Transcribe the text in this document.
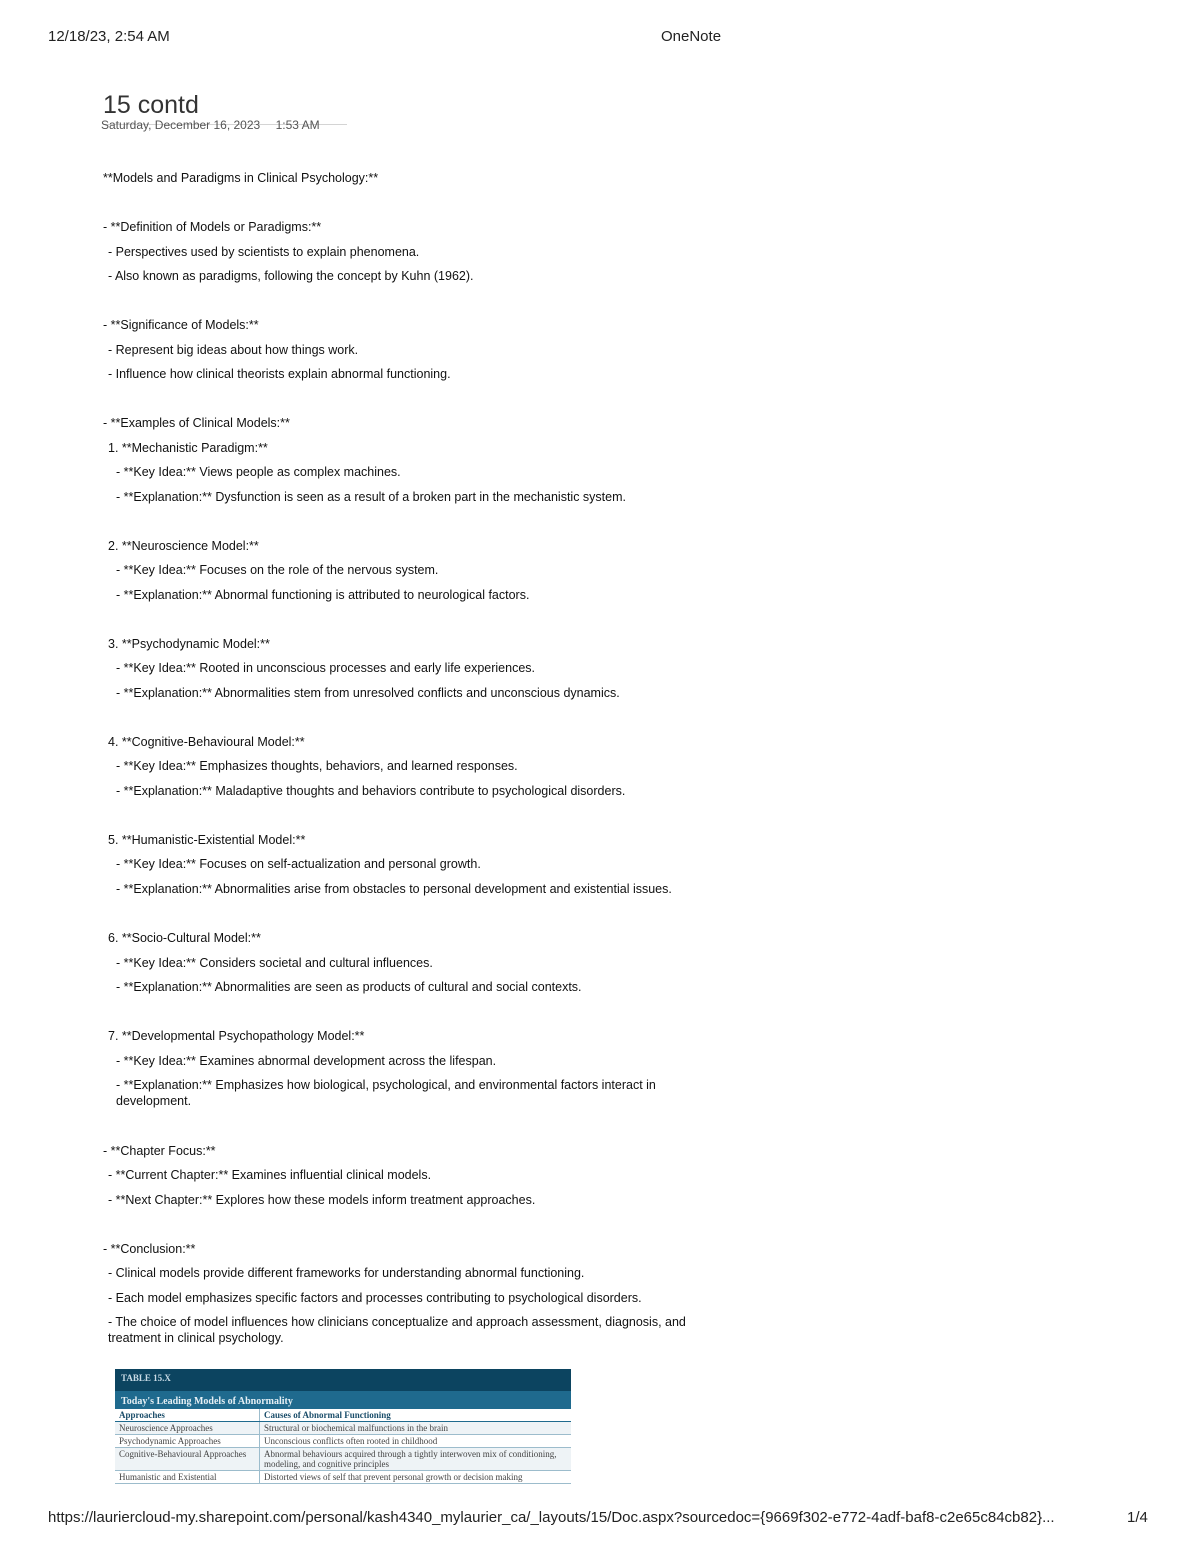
12/18/23, 2:54 AM	OneNote
15 contd
Saturday, December 16, 2023 1:53 AM
**Models and Paradigms in Clinical Psychology:**
- **Definition of Models or Paradigms:**
- Perspectives used by scientists to explain phenomena.
- Also known as paradigms, following the concept by Kuhn (1962).
- **Significance of Models:**
- Represent big ideas about how things work.
- Influence how clinical theorists explain abnormal functioning.
- **Examples of Clinical Models:**
1. **Mechanistic Paradigm:**
- **Key Idea:** Views people as complex machines.
- **Explanation:** Dysfunction is seen as a result of a broken part in the mechanistic system.
2. **Neuroscience Model:**
- **Key Idea:** Focuses on the role of the nervous system.
- **Explanation:** Abnormal functioning is attributed to neurological factors.
3. **Psychodynamic Model:**
- **Key Idea:** Rooted in unconscious processes and early life experiences.
- **Explanation:** Abnormalities stem from unresolved conflicts and unconscious dynamics.
4. **Cognitive-Behavioural Model:**
- **Key Idea:** Emphasizes thoughts, behaviors, and learned responses.
- **Explanation:** Maladaptive thoughts and behaviors contribute to psychological disorders.
5. **Humanistic-Existential Model:**
- **Key Idea:** Focuses on self-actualization and personal growth.
- **Explanation:** Abnormalities arise from obstacles to personal development and existential issues.
6. **Socio-Cultural Model:**
- **Key Idea:** Considers societal and cultural influences.
- **Explanation:** Abnormalities are seen as products of cultural and social contexts.
7. **Developmental Psychopathology Model:**
- **Key Idea:** Examines abnormal development across the lifespan.
- **Explanation:** Emphasizes how biological, psychological, and environmental factors interact in development.
- **Chapter Focus:**
- **Current Chapter:** Examines influential clinical models.
- **Next Chapter:** Explores how these models inform treatment approaches.
- **Conclusion:**
- Clinical models provide different frameworks for understanding abnormal functioning.
- Each model emphasizes specific factors and processes contributing to psychological disorders.
- The choice of model influences how clinicians conceptualize and approach assessment, diagnosis, and treatment in clinical psychology.
TABLE 15.X
Today's Leading Models of Abnormality
Approaches	Causes of Abnormal Functioning
Neuroscience Approaches	Structural or biochemical malfunctions in the brain
Psychodynamic Approaches	Unconscious conflicts often rooted in childhood
Cognitive-Behavioural Approaches	Abnormal behaviours acquired through a tightly interwoven mix of conditioning, modeling, and cognitive principles
Humanistic and Existential	Distorted views of self that prevent personal growth or decision making
https://lauriercloud-my.sharepoint.com/personal/kash4340_mylaurier_ca/_layouts/15/Doc.aspx?sourcedoc={9669f302-e772-4adf-baf8-c2e65c84cb82}...	1/4
